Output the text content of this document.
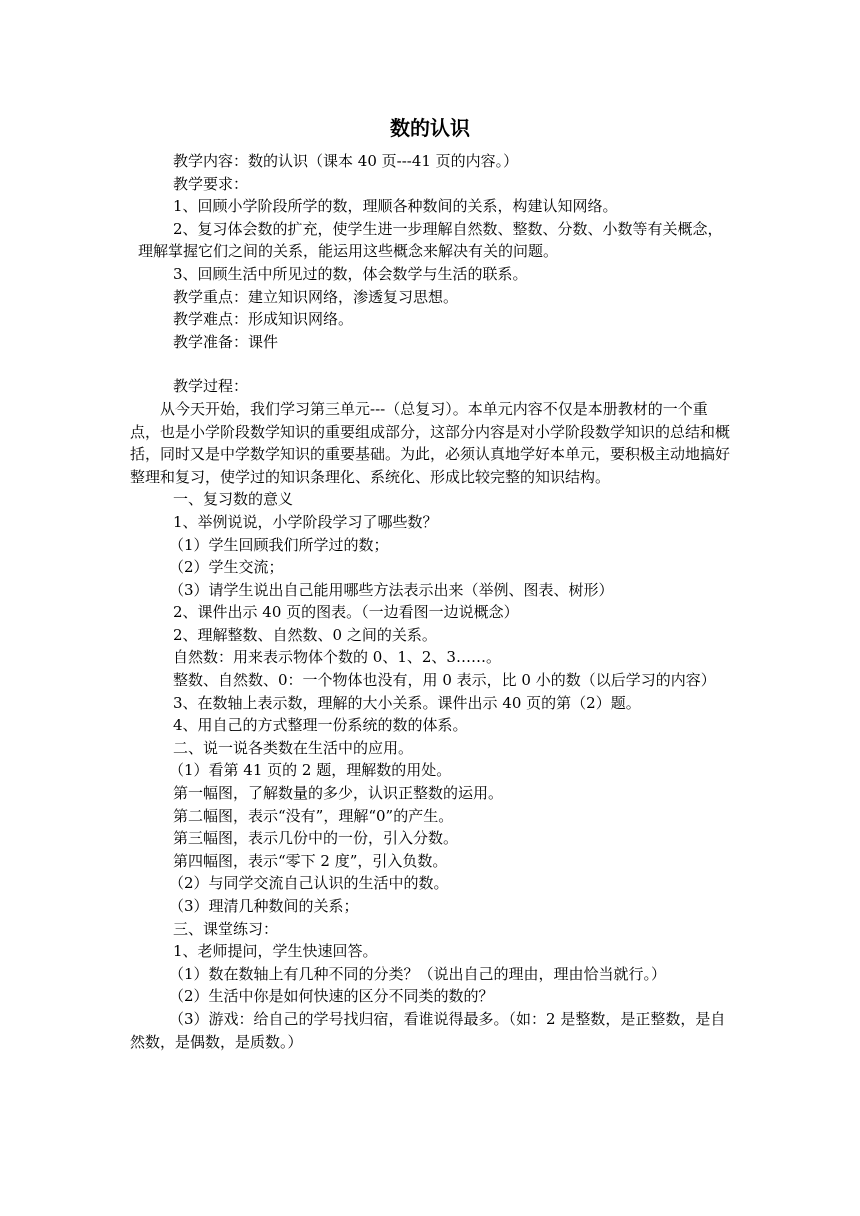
数的认识

教学内容：数的认识（课本 40 页---41 页的内容。）

教学要求：

1、回顾小学阶段所学的数，理顺各种数间的关系，构建认知网络。

2、复习体会数的扩充，使学生进一步理解自然数、整数、分数、小数等有关概念，理解掌握它们之间的关系，能运用这些概念来解决有关的问题。

3、回顾生活中所见过的数，体会数学与生活的联系。

教学重点：建立知识网络，渗透复习思想。

教学难点：形成知识网络。

教学准备：课件

教学过程：

从今天开始，我们学习第三单元---（总复习）。本单元内容不仅是本册教材的一个重点，也是小学阶段数学知识的重要组成部分，这部分内容是对小学阶段数学知识的总结和概括，同时又是中学数学知识的重要基础。为此，必须认真地学好本单元，要积极主动地搞好整理和复习，使学过的知识条理化、系统化、形成比较完整的知识结构。

一、复习数的意义

1、举例说说，小学阶段学习了哪些数？

（1）学生回顾我们所学过的数；

（2）学生交流；

（3）请学生说出自己能用哪些方法表示出来（举例、图表、树形）

2、课件出示 40 页的图表。（一边看图一边说概念）

2、理解整数、自然数、0 之间的关系。

自然数：用来表示物体个数的 0、1、2、3……。

整数、自然数、0：一个物体也没有，用 0 表示，比 0 小的数（以后学习的内容）

3、在数轴上表示数，理解的大小关系。课件出示 40 页的第（2）题。

4、用自己的方式整理一份系统的数的体系。

二、说一说各类数在生活中的应用。

（1）看第 41 页的 2 题，理解数的用处。

第一幅图，了解数量的多少，认识正整数的运用。

第二幅图，表示“没有”，理解“0”的产生。

第三幅图，表示几份中的一份，引入分数。

第四幅图，表示“零下 2 度”，引入负数。

（2）与同学交流自己认识的生活中的数。

（3）理清几种数间的关系；

三、课堂练习：

1、老师提问，学生快速回答。

（1）数在数轴上有几种不同的分类？（说出自己的理由，理由恰当就行。）

（2）生活中你是如何快速的区分不同类的数的？

（3）游戏：给自己的学号找归宿，看谁说得最多。（如：2 是整数，是正整数，是自然数，是偶数，是质数。）
